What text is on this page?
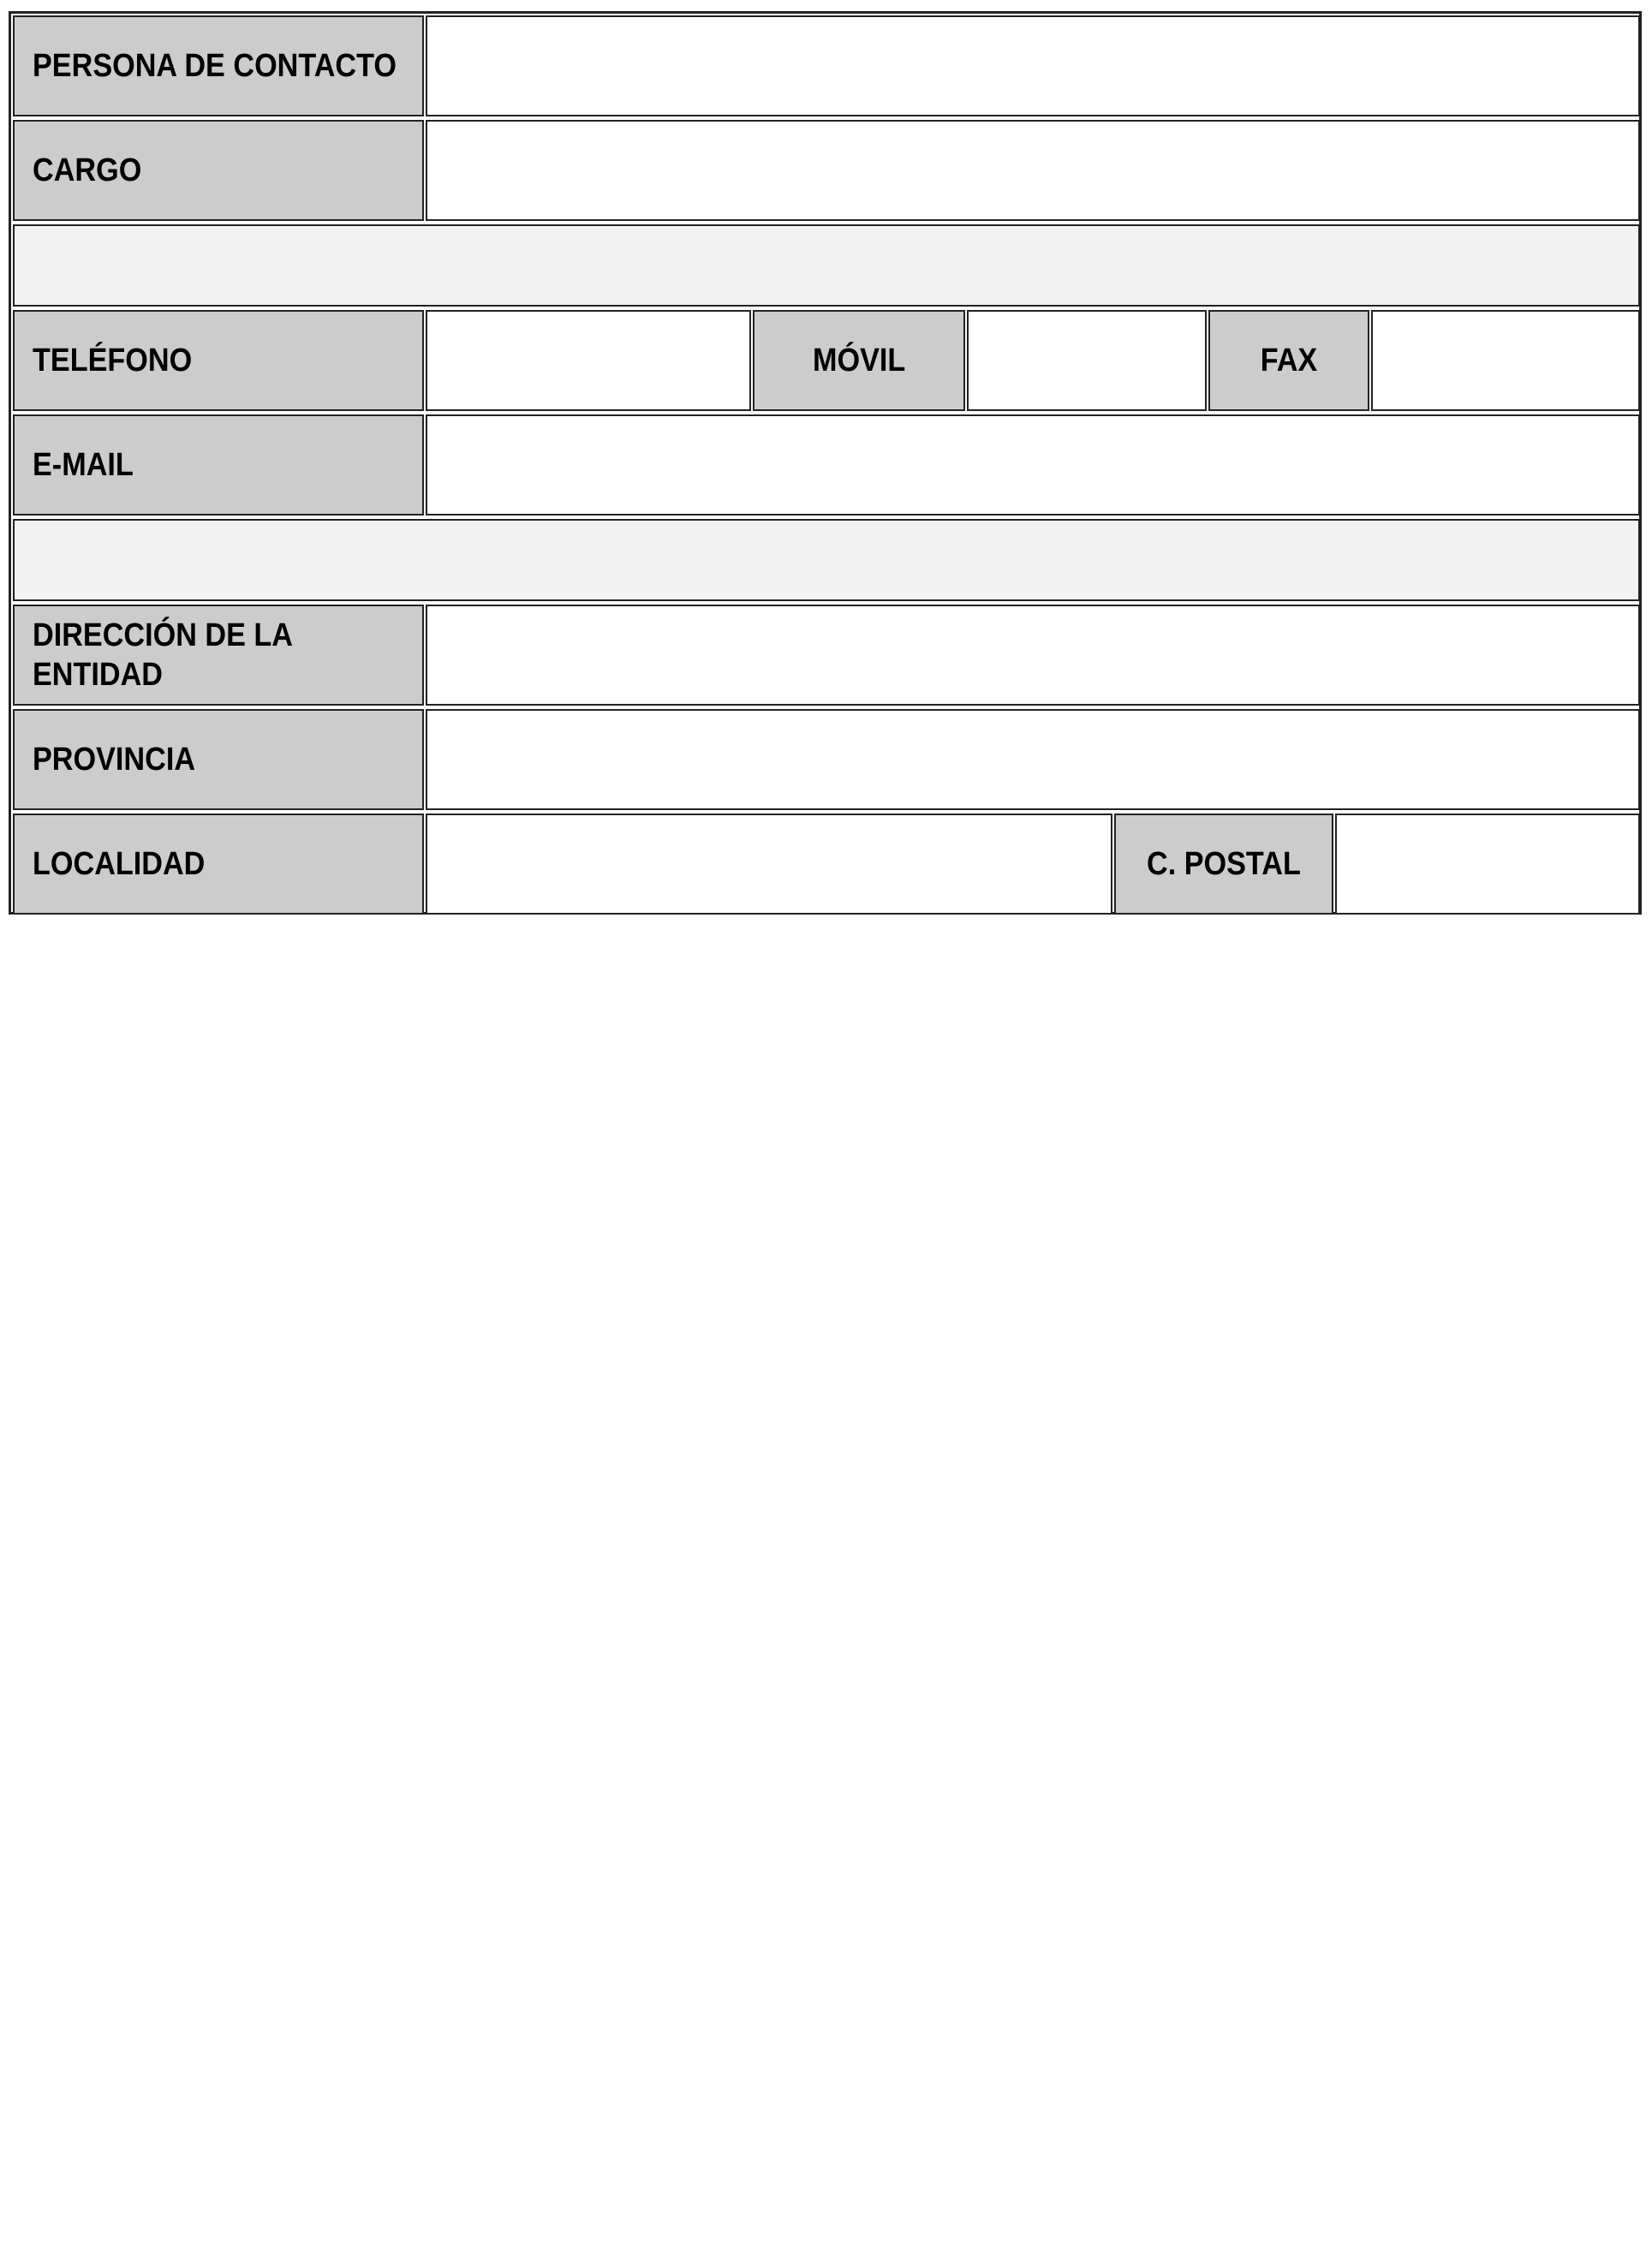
PERSONA DE CONTACTO
CARGO
TELÉFONO	MÓVIL	FAX
E-MAIL
DIRECCIÓN DE LA ENTIDAD
PROVINCIA
LOCALIDAD	C. POSTAL
